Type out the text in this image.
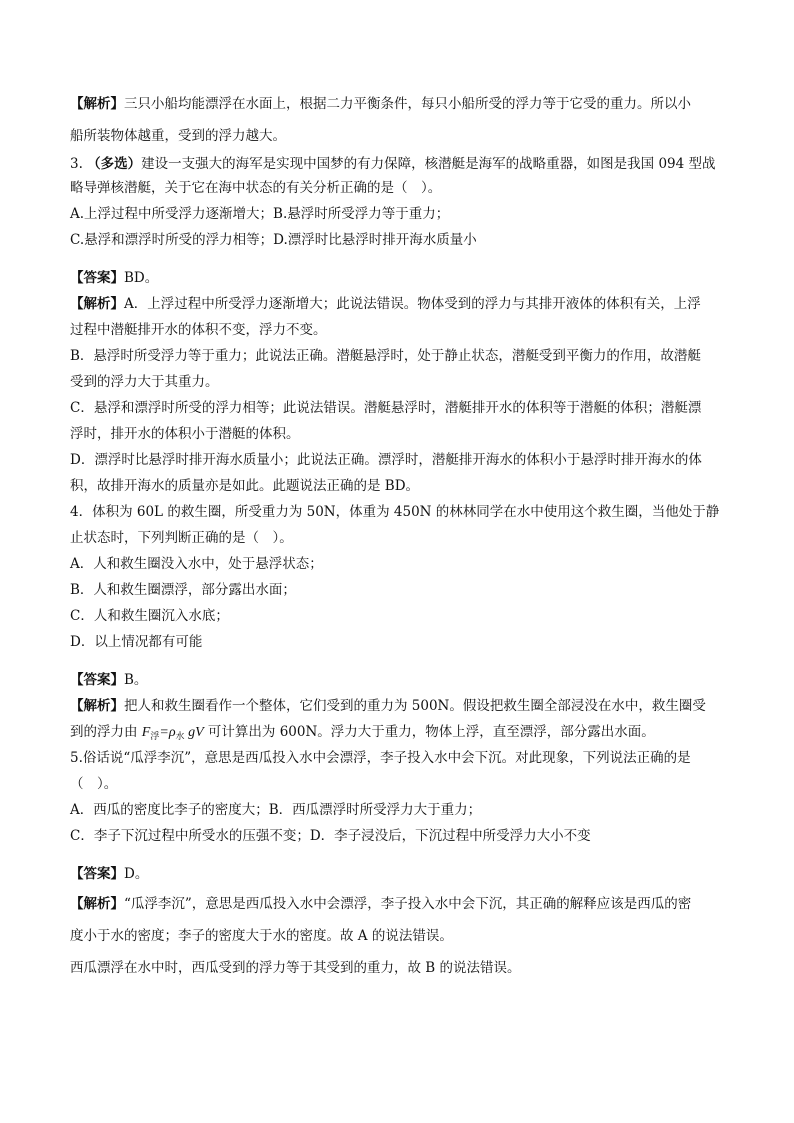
【解析】三只小船均能漂浮在水面上，根据二力平衡条件，每只小船所受的浮力等于它受的重力。所以小
船所装物体越重，受到的浮力越大。
3. （多选）建设一支强大的海军是实现中国梦的有力保障，核潜艇是海军的战略重器，如图是我国 094 型战
略导弹核潜艇，关于它在海中状态的有关分析正确的是（　）。
A.上浮过程中所受浮力逐渐增大；B.悬浮时所受浮力等于重力；
C.悬浮和漂浮时所受的浮力相等；D.漂浮时比悬浮时排开海水质量小
【答案】BD。
【解析】A．上浮过程中所受浮力逐渐增大；此说法错误。物体受到的浮力与其排开液体的体积有关，上浮
过程中潜艇排开水的体积不变，浮力不变。
B．悬浮时所受浮力等于重力；此说法正确。潜艇悬浮时，处于静止状态，潜艇受到平衡力的作用，故潜艇
受到的浮力大于其重力。
C．悬浮和漂浮时所受的浮力相等；此说法错误。潜艇悬浮时，潜艇排开水的体积等于潜艇的体积；潜艇漂
浮时，排开水的体积小于潜艇的体积。
D．漂浮时比悬浮时排开海水质量小；此说法正确。漂浮时，潜艇排开海水的体积小于悬浮时排开海水的体
积，故排开海水的质量亦是如此。此题说法正确的是 BD。
4．体积为 60L 的救生圈，所受重力为 50N，体重为 450N 的林林同学在水中使用这个救生圈，当他处于静
止状态时，下列判断正确的是（　）。
A．人和救生圈没入水中，处于悬浮状态；
B．人和救生圈漂浮，部分露出水面；
C．人和救生圈沉入水底；
D．以上情况都有可能
【答案】B。
【解析】把人和救生圈看作一个整体，它们受到的重力为 500N。假设把救生圈全部浸没在水中，救生圈受
到的浮力由 $F_浮=\rho_水$ gV 可计算出为 600N。浮力大于重力，物体上浮，直至漂浮，部分露出水面。
5.俗话说“瓜浮李沉”，意思是西瓜投入水中会漂浮，李子投入水中会下沉。对此现象，下列说法正确的是
（　）。
A．西瓜的密度比李子的密度大；B．西瓜漂浮时所受浮力大于重力；
C．李子下沉过程中所受水的压强不变；D．李子浸没后，下沉过程中所受浮力大小不变
【答案】D。
【解析】“瓜浮李沉”，意思是西瓜投入水中会漂浮，李子投入水中会下沉，其正确的解释应该是西瓜的密
度小于水的密度；李子的密度大于水的密度。故 A 的说法错误。
西瓜漂浮在水中时，西瓜受到的浮力等于其受到的重力，故 B 的说法错误。
